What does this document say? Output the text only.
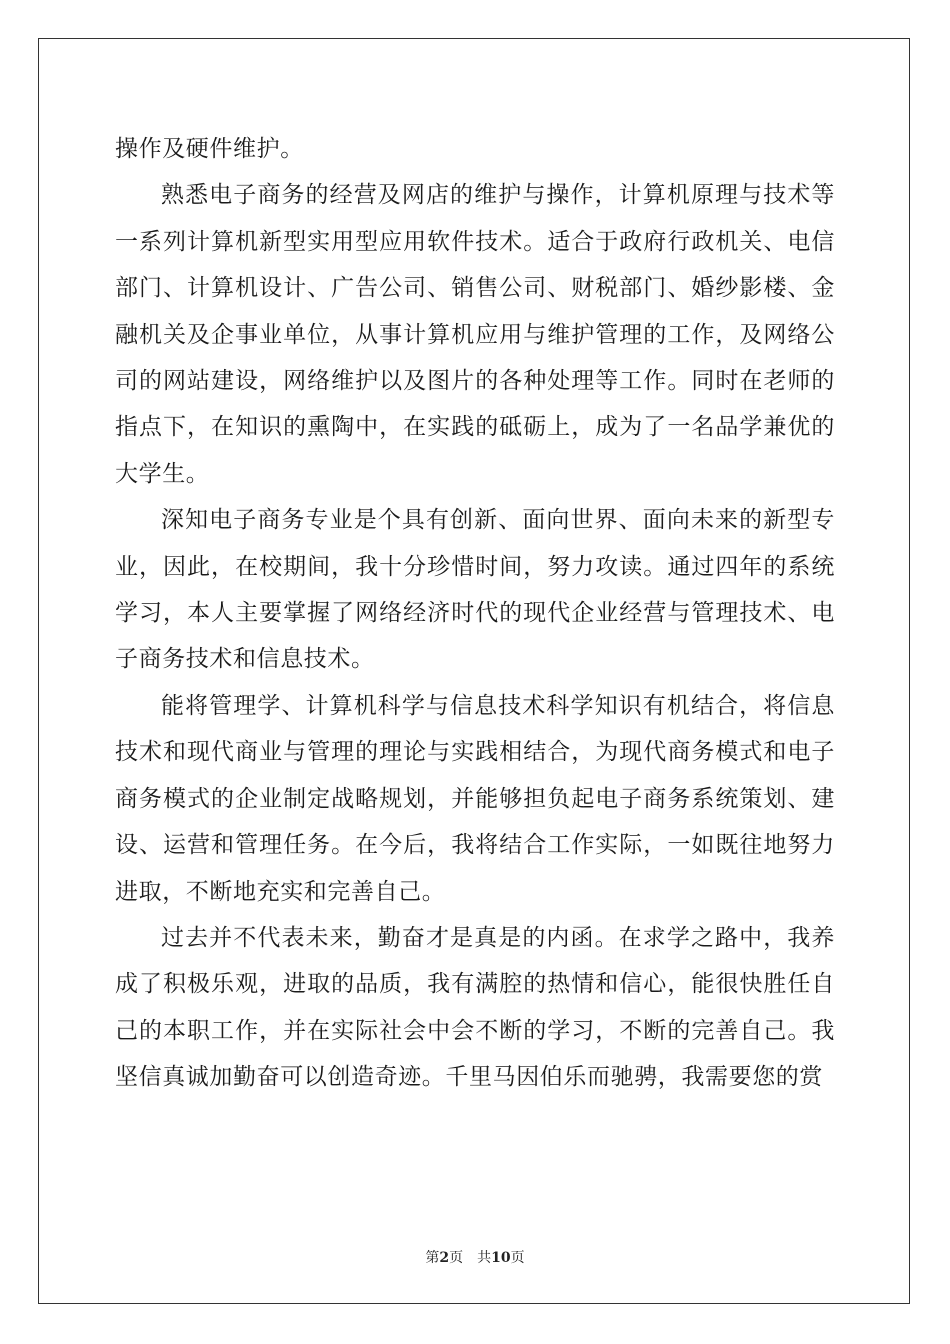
操作及硬件维护。

熟悉电子商务的经营及网店的维护与操作，计算机原理与技术等一系列计算机新型实用型应用软件技术。适合于政府行政机关、电信部门、计算机设计、广告公司、销售公司、财税部门、婚纱影楼、金融机关及企事业单位，从事计算机应用与维护管理的工作，及网络公司的网站建设，网络维护以及图片的各种处理等工作。同时在老师的指点下，在知识的熏陶中，在实践的砥砺上，成为了一名品学兼优的大学生。

深知电子商务专业是个具有创新、面向世界、面向未来的新型专业，因此，在校期间，我十分珍惜时间，努力攻读。通过四年的系统学习，本人主要掌握了网络经济时代的现代企业经营与管理技术、电子商务技术和信息技术。

能将管理学、计算机科学与信息技术科学知识有机结合，将信息技术和现代商业与管理的理论与实践相结合，为现代商务模式和电子商务模式的企业制定战略规划，并能够担负起电子商务系统策划、建设、运营和管理任务。在今后，我将结合工作实际，一如既往地努力进取，不断地充实和完善自己。

过去并不代表未来，勤奋才是真是的内函。在求学之路中，我养成了积极乐观，进取的品质，我有满腔的热情和信心，能很快胜任自己的本职工作，并在实际社会中会不断的学习，不断的完善自己。我坚信真诚加勤奋可以创造奇迹。千里马因伯乐而驰骋，我需要您的赏

第2页 共10页
